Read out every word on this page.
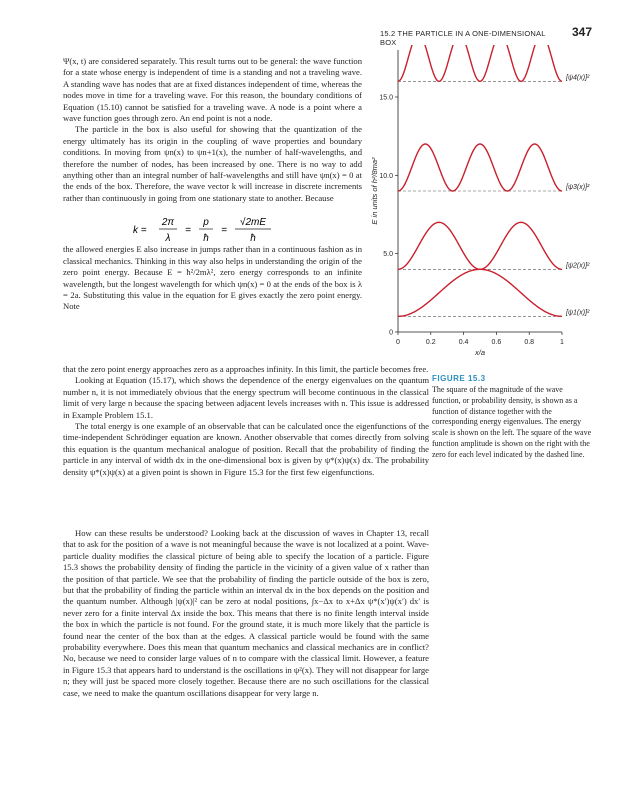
15.2 THE PARTICLE IN A ONE-DIMENSIONAL BOX
347

Ψ(x, t) are considered separately. This result turns out to be general: the wave function for a state whose energy is independent of time is a standing and not a traveling wave. A standing wave has nodes that are at fixed distances independent of time, whereas the nodes move in time for a traveling wave. For this reason, the boundary conditions of Equation (15.10) cannot be satisfied for a traveling wave. A node is a point where a wave function goes through zero. An end point is not a node.

The particle in the box is also useful for showing that the quantization of the energy ultimately has its origin in the coupling of wave properties and boundary conditions. In moving from ψn(x) to ψn+1(x), the number of half-wavelengths, and therefore the number of nodes, has been increased by one. There is no way to add anything other than an integral number of half-wavelengths and still have ψn(x) = 0 at the ends of the box. Therefore, the wave vector k will increase in discrete increments rather than continuously in going from one stationary state to another. Because

k =
2π
λ
=
p
ħ
=
√2mE
ħ

the allowed energies E also increase in jumps rather than in a continuous fashion as in classical mechanics. Thinking in this way also helps in understanding the origin of the zero point energy. Because E = ħ²/2mλ², zero energy corresponds to an infinite wavelength, but the longest wavelength for which ψn(x) = 0 at the ends of the box is λ = 2a. Substituting this value in the equation for E gives exactly the zero point energy. Note

0
5.0
10.0
15.0
0	0.2	0.4	0.6	0.8	1
x/a
E in units of h²/8ma²
[ψ1(x)]²
[ψ2(x)]²
[ψ3(x)]²
[ψ4(x)]²
FIGURE 15.3
The square of the magnitude of the wave function, or probability density, is shown as a function of distance together with the corresponding energy eigenvalues. The energy scale is shown on the left. The square of the wave function amplitude is shown on the right with the zero for each level indicated by the dashed line.

that the zero point energy approaches zero as a approaches infinity. In this limit, the particle becomes free.

Looking at Equation (15.17), which shows the dependence of the energy eigenvalues on the quantum number n, it is not immediately obvious that the energy spectrum will become continuous in the classical limit of very large n because the spacing between adjacent levels increases with n. This issue is addressed in Example Problem 15.1.

The total energy is one example of an observable that can be calculated once the eigenfunctions of the time-independent Schrödinger equation are known. Another observable that comes directly from solving this equation is the quantum mechanical analogue of position. Recall that the probability of finding the particle in any interval of width dx in the one-dimensional box is given by ψ*(x)ψ(x) dx. The probability density ψ*(x)ψ(x) at a given point is shown in Figure 15.3 for the first few eigenfunctions.

How can these results be understood? Looking back at the discussion of waves in Chapter 13, recall that to ask for the position of a wave is not meaningful because the wave is not localized at a point. Wave-particle duality modifies the classical picture of being able to specify the location of a particle. Figure 15.3 shows the probability density of finding the particle in the vicinity of a given value of x rather than the position of that particle. We see that the probability of finding the particle outside of the box is zero, but that the probability of finding the particle within an interval dx in the box depends on the position and the quantum number. Although |ψ(x)|² can be zero at nodal positions, ∫x−Δx to x+Δx ψ*(x′)ψ(x′) dx′ is never zero for a finite interval Δx inside the box. This means that there is no finite length interval inside the box in which the particle is not found. For the ground state, it is much more likely that the particle is found near the center of the box than at the edges. A classical particle would be found with the same probability everywhere. Does this mean that quantum mechanics and classical mechanics are in conflict? No, because we need to consider large values of n to compare with the classical limit. However, a feature in Figure 15.3 that appears hard to understand is the oscillations in ψ²(x). They will not disappear for large n; they will just be spaced more closely together. Because there are no such oscillations for the classical case, we need to make the quantum oscillations disappear for very large n.
